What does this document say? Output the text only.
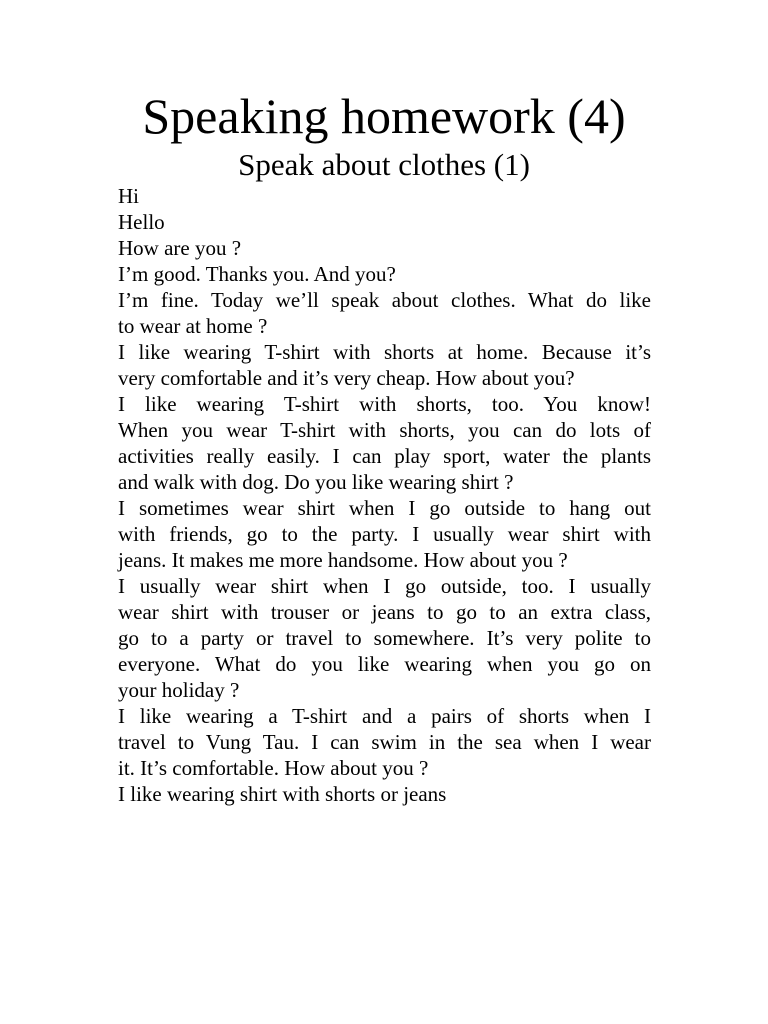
Speaking homework (4)
Speak about clothes (1)
Hi
Hello
How are you ?
I’m good. Thanks you. And you?
I’m fine. Today we’ll speak about clothes. What do like
to wear at home ?
I like wearing T-shirt with shorts at home. Because it’s
very comfortable and it’s very cheap. How about you?
I like wearing T-shirt with shorts, too. You know!
When you wear T-shirt with shorts, you can do lots of
activities really easily. I can play sport, water the plants
and walk with dog. Do you like wearing shirt ?
I sometimes wear shirt when I go outside to hang out
with friends, go to the party. I usually wear shirt with
jeans. It makes me more handsome. How about you ?
I usually wear shirt when I go outside, too. I usually
wear shirt with trouser or jeans to go to an extra class,
go to a party or travel to somewhere. It’s very polite to
everyone. What do you like wearing when you go on
your holiday ?
I like wearing a T-shirt and a pairs of shorts when I
travel to Vung Tau. I can swim in the sea when I wear
it. It’s comfortable. How about you ?
I like wearing shirt with shorts or jeans
